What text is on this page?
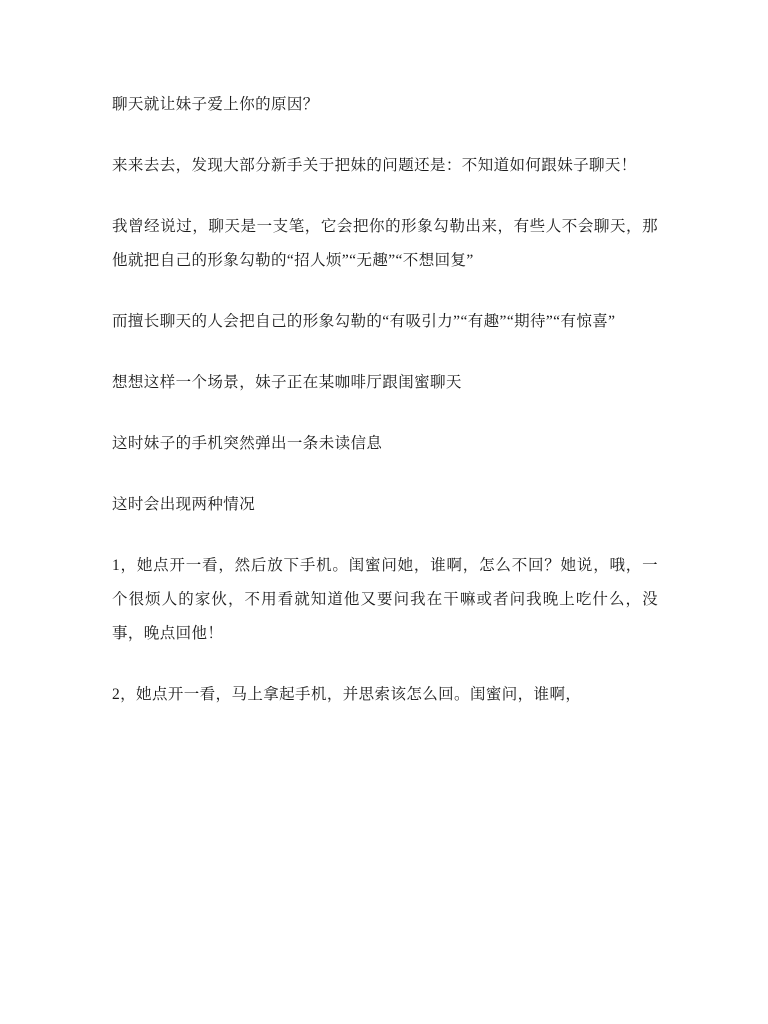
聊天就让妹子爱上你的原因？

来来去去，发现大部分新手关于把妹的问题还是：不知道如何跟妹子聊天！

我曾经说过，聊天是一支笔，它会把你的形象勾勒出来，有些人不会聊天，那他就把自己的形象勾勒的“招人烦”“无趣”“不想回复”

而擅长聊天的人会把自己的形象勾勒的“有吸引力”“有趣”“期待”“有惊喜”

想想这样一个场景，妹子正在某咖啡厅跟闺蜜聊天

这时妹子的手机突然弹出一条未读信息

这时会出现两种情况

1，她点开一看，然后放下手机。闺蜜问她，谁啊，怎么不回？她说，哦，一个很烦人的家伙，不用看就知道他又要问我在干嘛或者问我晚上吃什么，没事，晚点回他！

2，她点开一看，马上拿起手机，并思索该怎么回。闺蜜问，谁啊，
